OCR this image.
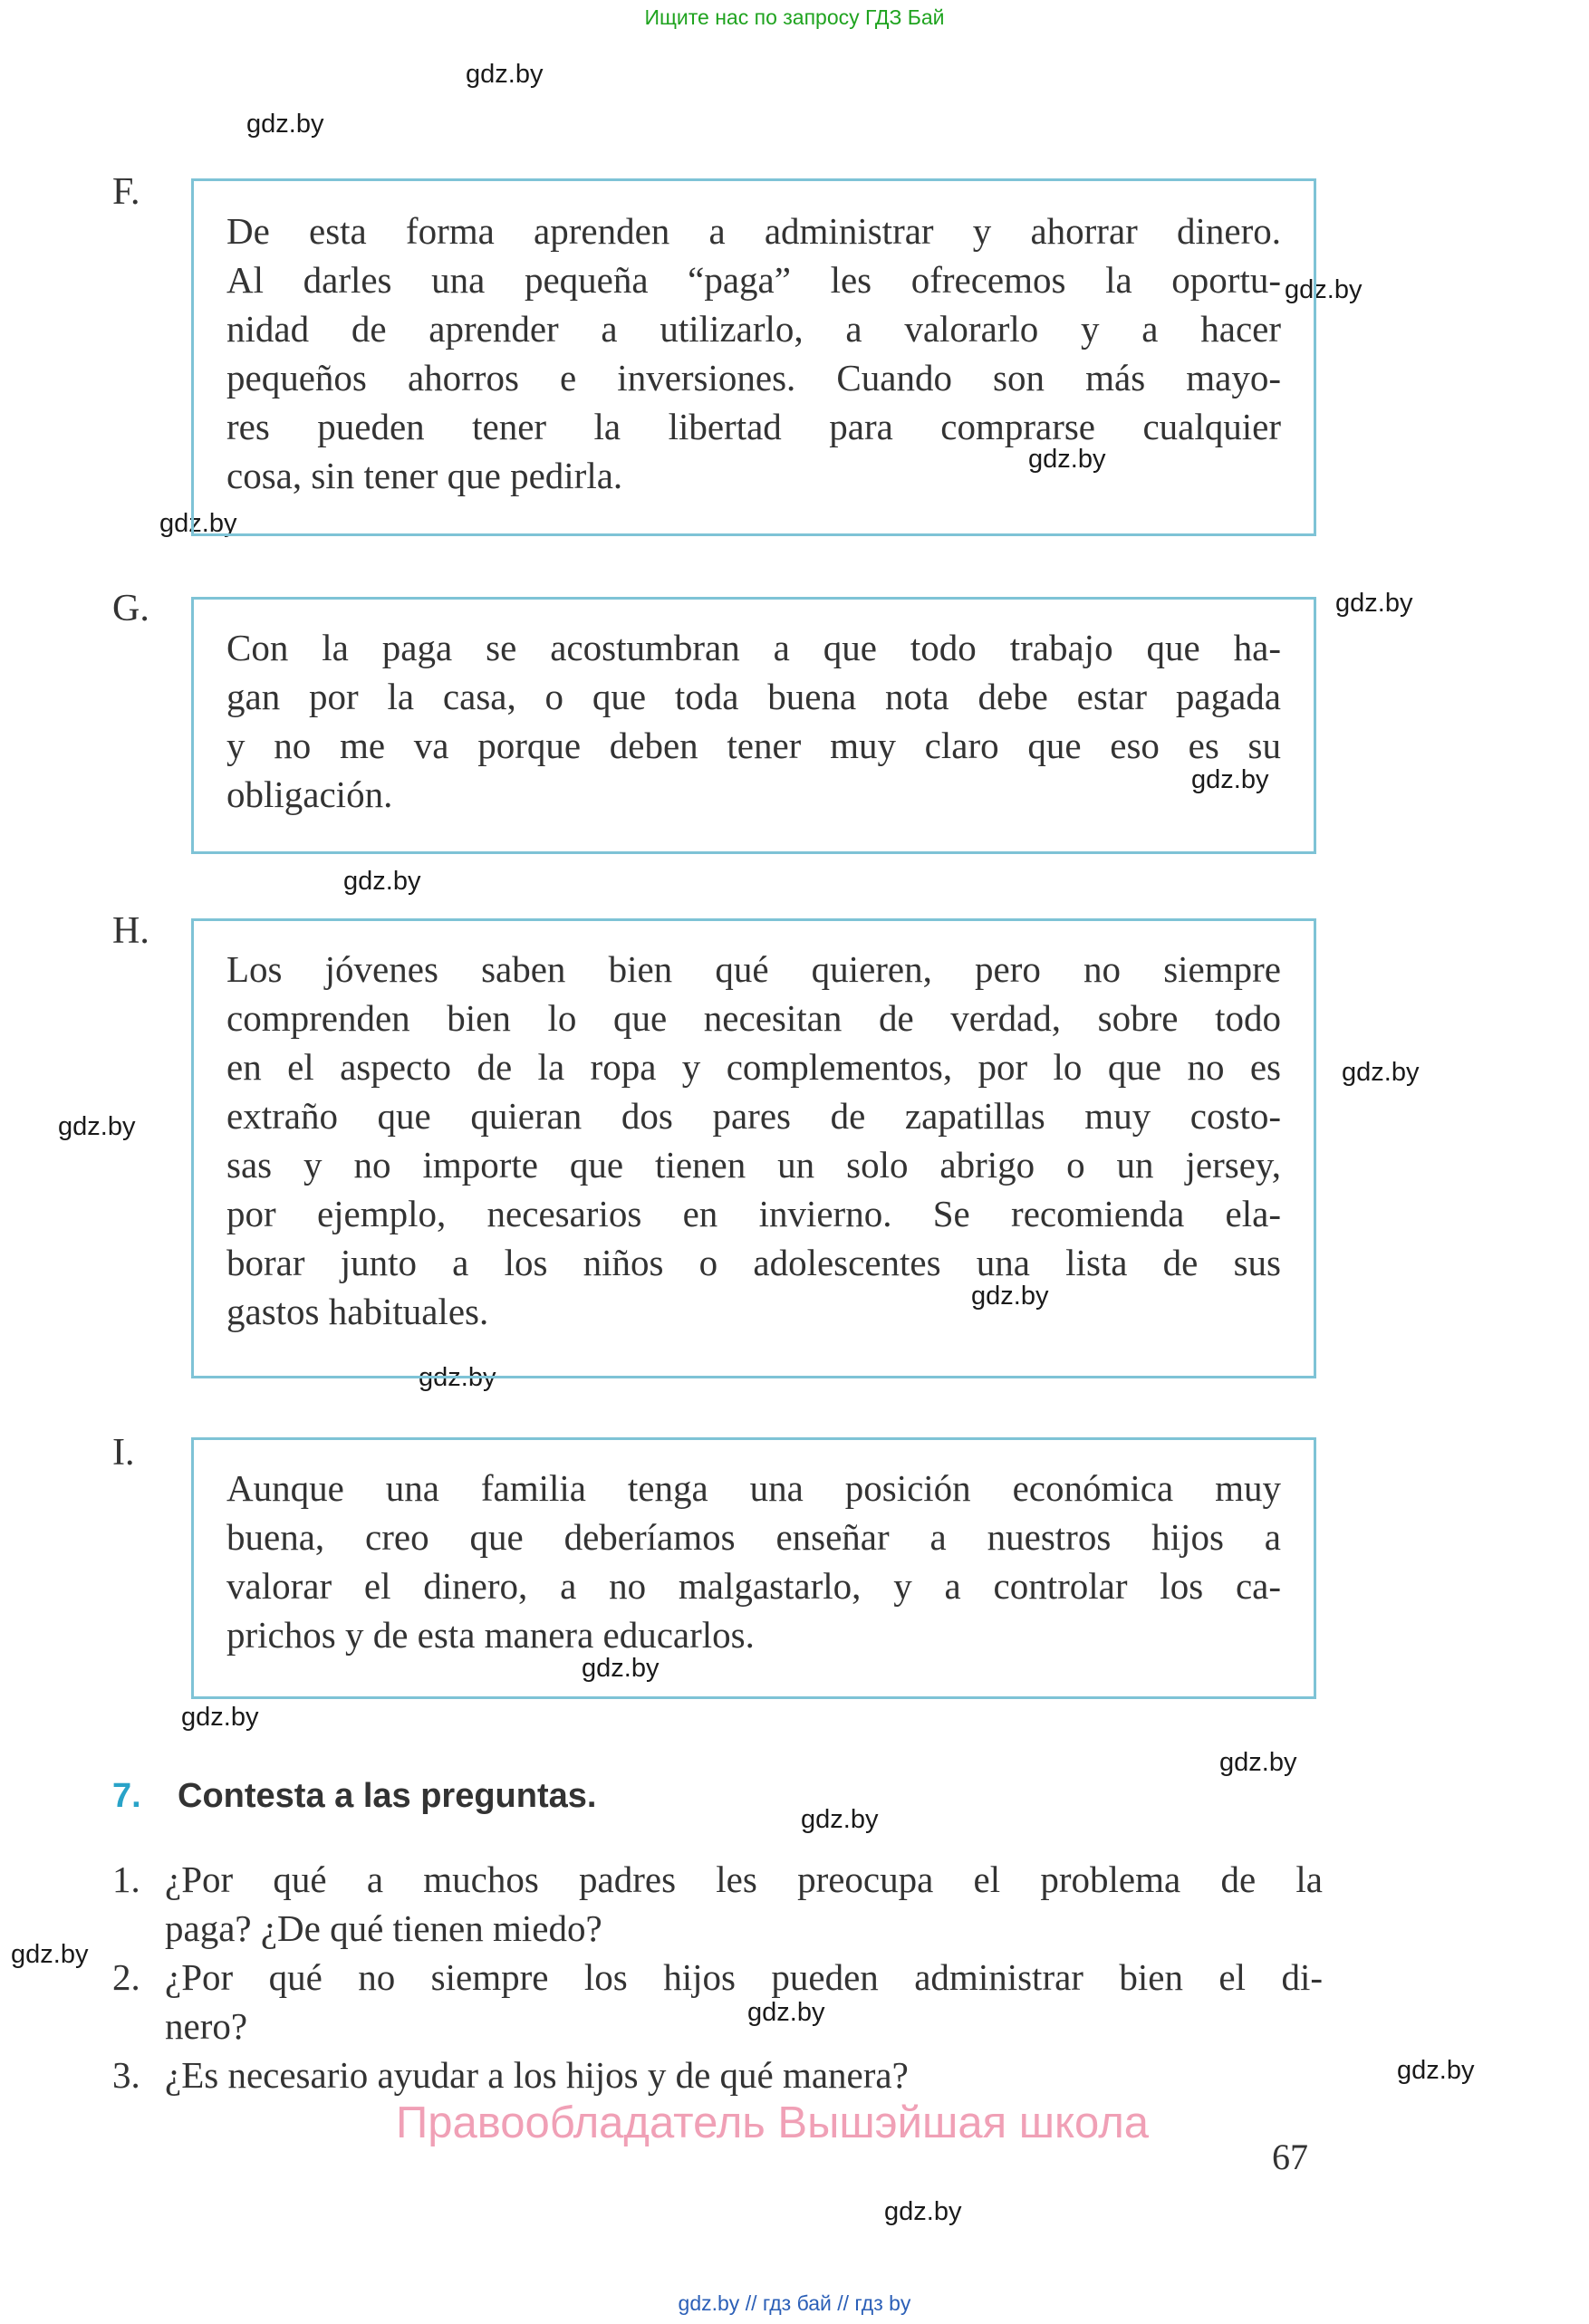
Ищите нас по запросу ГДЗ Бай
gdz.by
gdz.by
gdz.by
gdz.by
gdz.by
gdz.by
gdz.by
gdz.by
gdz.by
gdz.by
gdz.by
gdz.by
gdz.by
gdz.by
gdz.by
gdz.by
gdz.by
gdz.by
gdz.by
gdz.by
F.
De esta forma aprenden a administrar y ahorrar dinero.
Al darles una pequeña “paga” les ofrecemos la oportu-
nidad de aprender a utilizarlo, a valorarlo y a hacer
pequeños ahorros e inversiones. Cuando son más mayo-
res pueden tener la libertad para comprarse cualquier
cosa, sin tener que pedirla.
G.
Con la paga se acostumbran a que todo trabajo que ha-
gan por la casa, o que toda buena nota debe estar pagada
y no me va porque deben tener muy claro que eso es su
obligación.
H.
Los jóvenes saben bien qué quieren, pero no siempre
comprenden bien lo que necesitan de verdad, sobre todo
en el aspecto de la ropa y complementos, por lo que no es
extraño que quieran dos pares de zapatillas muy costo-
sas y no importe que tienen un solo abrigo o un jersey,
por ejemplo, necesarios en invierno. Se recomienda ela-
borar junto a los niños o adolescentes una lista de sus
gastos habituales.
I.
Aunque una familia tenga una posición económica muy
buena, creo que deberíamos enseñar a nuestros hijos a
valorar el dinero, a no malgastarlo, y a controlar los ca-
prichos y de esta manera educarlos.
7. Contesta a las preguntas.
1. ¿Por qué a muchos padres les preocupa el problema de la
paga? ¿De qué tienen miedo?
2. ¿Por qué no siempre los hijos pueden administrar bien el di-
nero?
3. ¿Es necesario ayudar a los hijos y de qué manera?
Правообладатель Вышэйшая школа
67
gdz.by // гдз бай // гдз by
